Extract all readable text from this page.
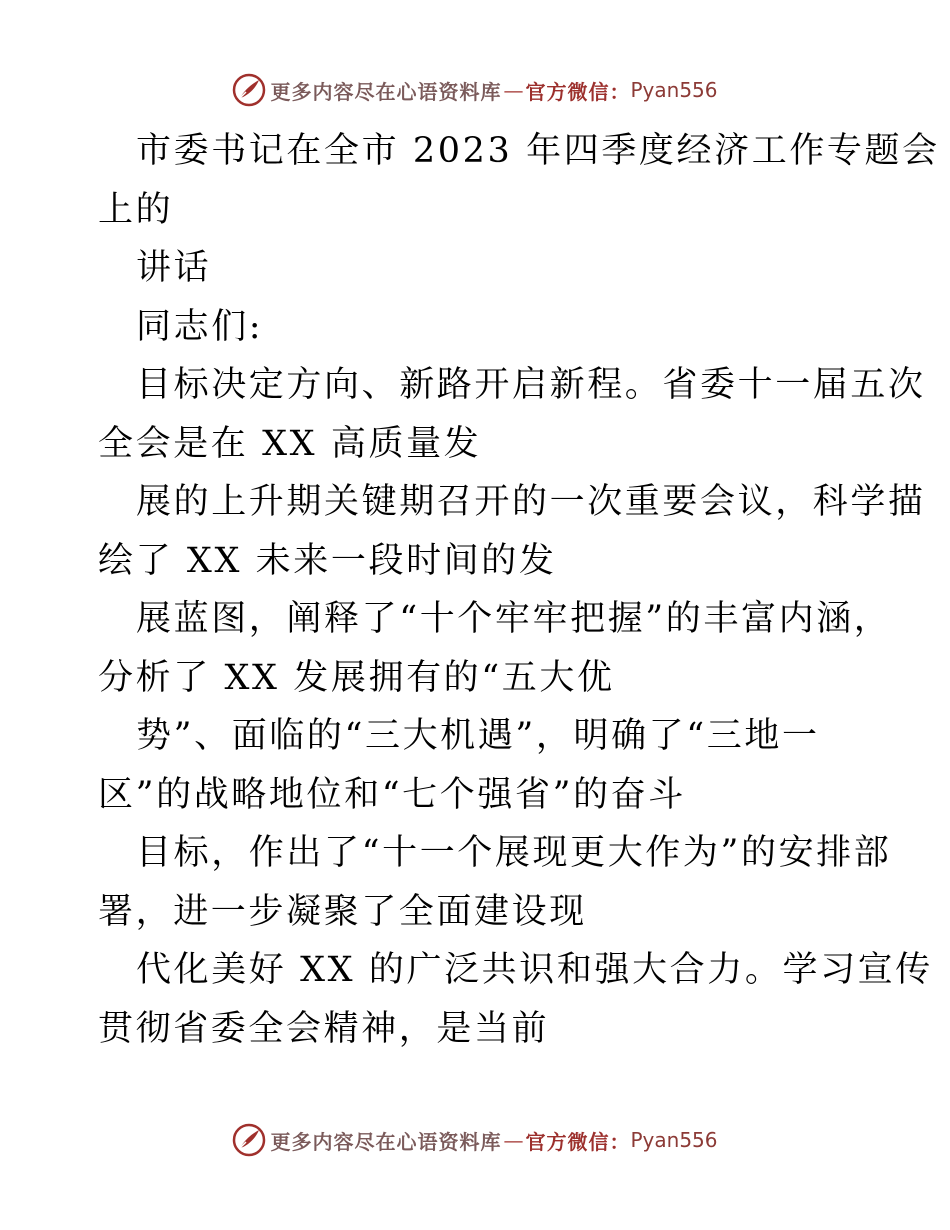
更多内容尽在心语资料库 — 官方微信： Pyan556
市委书记在全市 2023 年四季度经济工作专题会
上的
讲话
同志们:
目标决定方向、新路开启新程。省委十一届五次
全会是在 XX 高质量发
展的上升期关键期召开的一次重要会议，科学描
绘了 XX 未来一段时间的发
展蓝图，阐释了“十个牢牢把握”的丰富内涵，
分析了 XX 发展拥有的“五大优
势”、面临的“三大机遇”，明确了“三地一
区”的战略地位和“七个强省”的奋斗
目标，作出了“十一个展现更大作为”的安排部
署，进一步凝聚了全面建设现
代化美好 XX 的广泛共识和强大合力。学习宣传
贯彻省委全会精神，是当前
更多内容尽在心语资料库 — 官方微信： Pyan556
